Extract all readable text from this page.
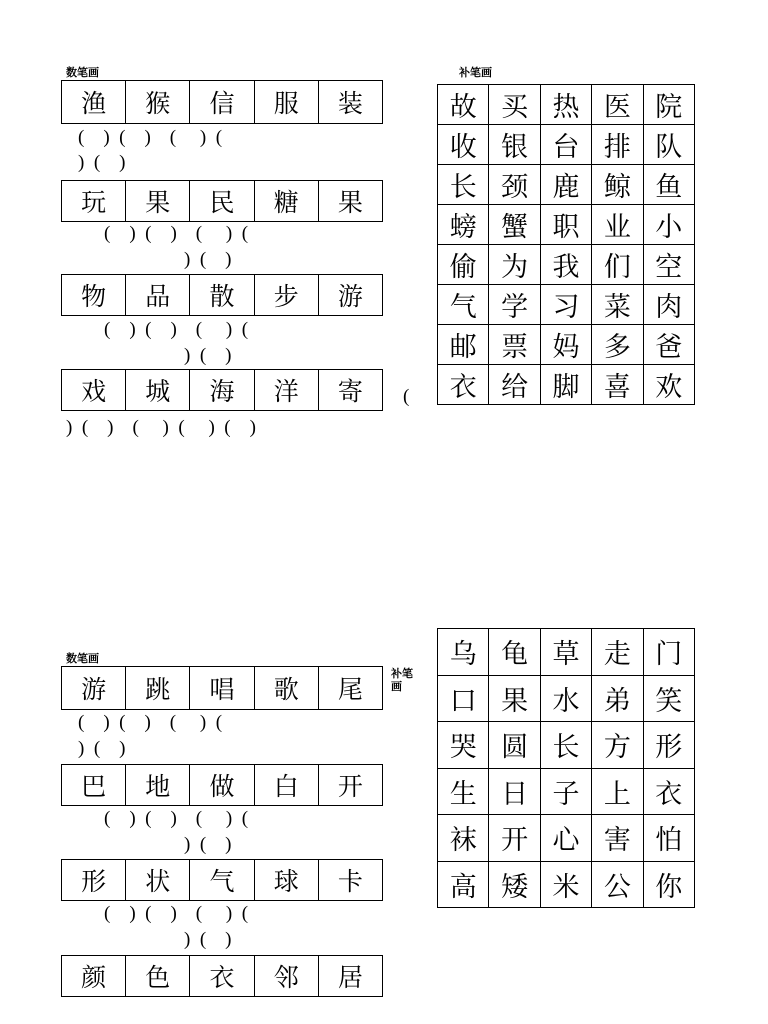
数笔画
渔	猴	信	服	装
(    )  (    )    (     )  (
)  (    )
玩	果	民	糖	果
(    )  (    )    (     )  (
)  (    )
物	品	散	步	游
(    )  (    )    (     )  (
)  (    )
戏	城	海	洋	寄	(
)  (    )    (     )  (     )  (    )
补笔画
故	买	热	医	院
收	银	台	排	队
长	颈	鹿	鲸	鱼
螃	蟹	职	业	小
偷	为	我	们	空
气	学	习	菜	肉
邮	票	妈	多	爸
衣	给	脚	喜	欢
数笔画
游	跳	唱	歌	尾
(    )  (    )    (     )  (
)  (    )
巴	地	做	白	开
(    )  (    )    (     )  (
)  (    )
形	状	气	球	卡
(    )  (    )    (     )  (
)  (    )
颜	色	衣	邻	居
补笔
画
乌	龟	草	走	门
口	果	水	弟	笑
哭	圆	长	方	形
生	日	子	上	衣
袜	开	心	害	怕
高	矮	米	公	你
